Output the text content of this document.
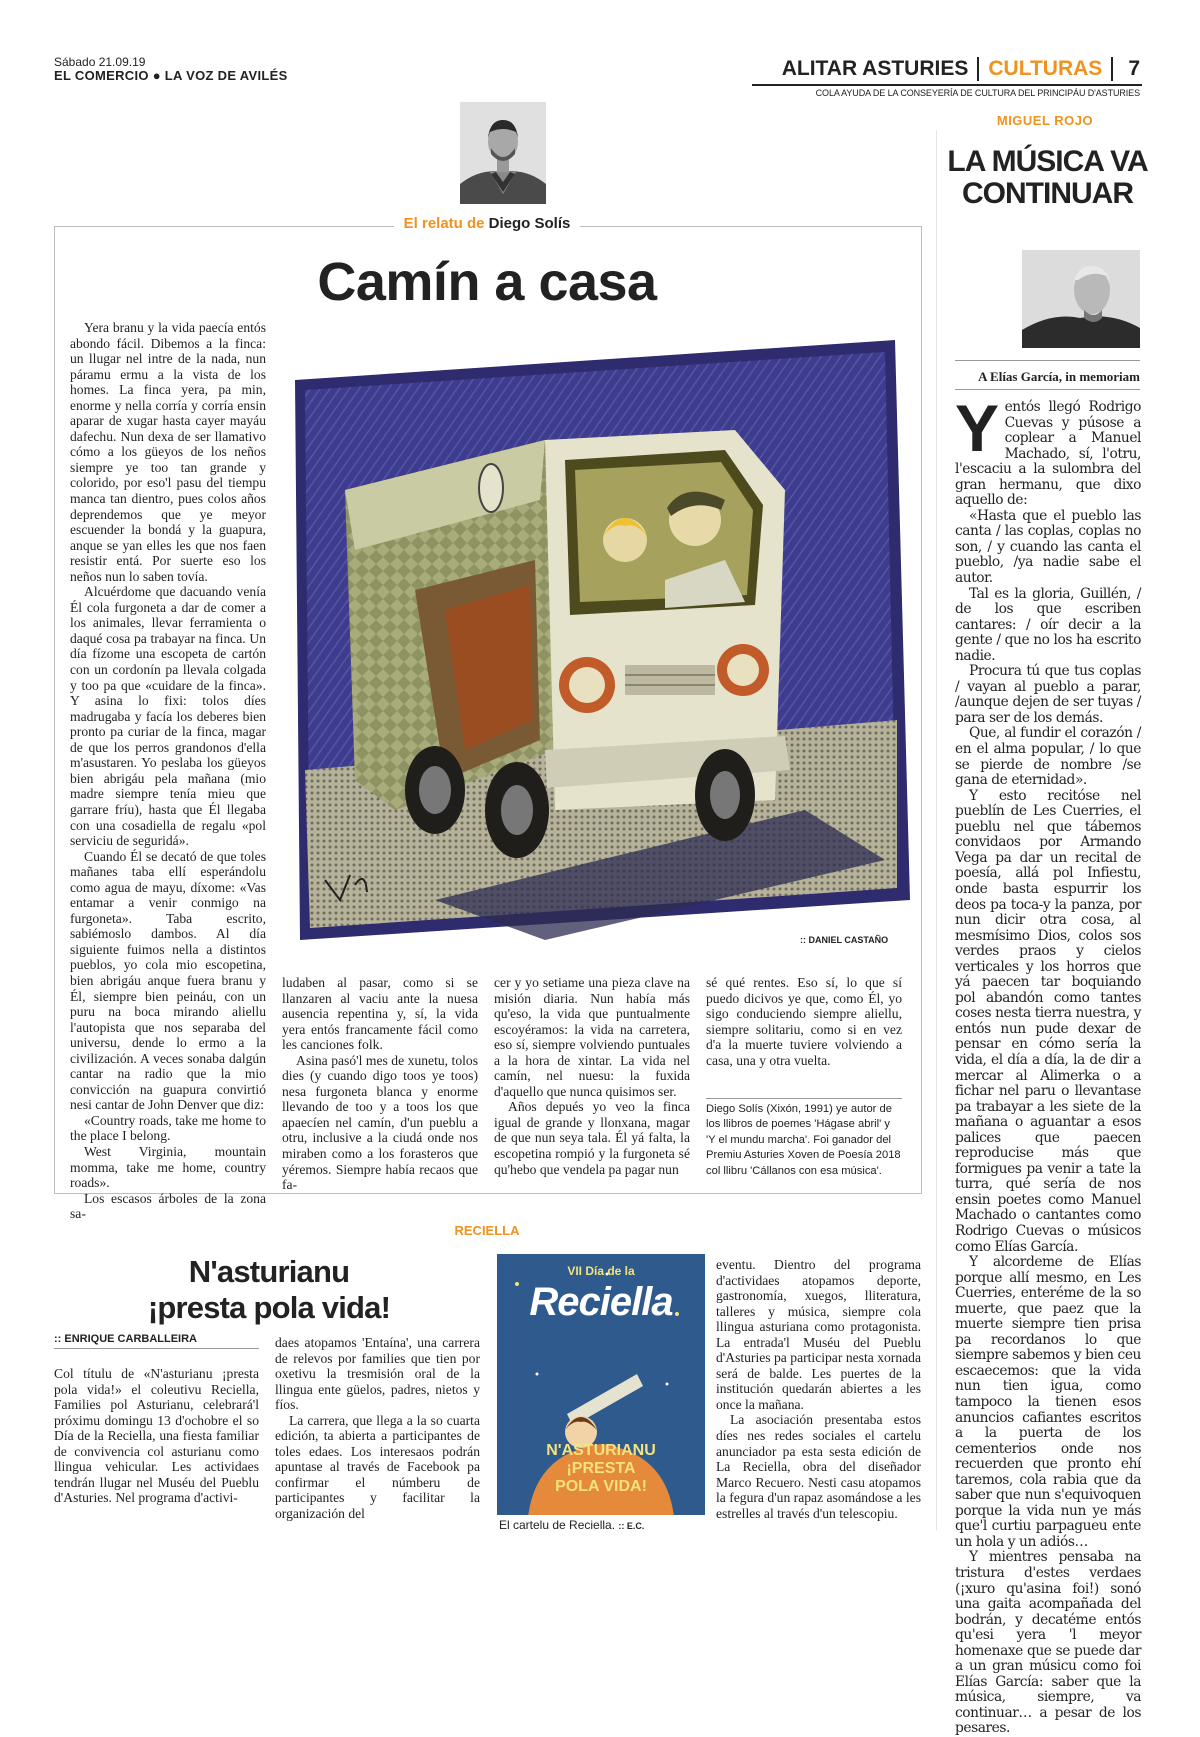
Sábado 21.09.19
EL COMERCIO ● LA VOZ DE AVILÉS	ALITAR ASTURIES CULTURAS 7
COLA AYUDA DE LA CONSEYERÍA DE CULTURA DEL PRINCIPÁU D'ASTURIES
El relatu de Diego Solís
Camín a casa

Yera branu y la vida paecía entós abondo fácil. Dibemos a la finca: un llugar nel intre de la nada, nun páramu ermu a la vista de los homes. La finca yera, pa min, enorme y nella corría y corría ensin aparar de xugar hasta cayer mayáu dafechu. Nun dexa de ser llamativo cómo a los güeyos de los neños siempre ye too tan grande y colorido, por eso'l pasu del tiempu manca tan dientro, pues colos años deprendemos que ye meyor escuender la bondá y la guapura, anque se yan elles les que nos faen resistir entá. Por suerte eso los neños nun lo saben tovía.

Alcuérdome que dacuando venía Él cola furgoneta a dar de comer a los animales, llevar ferramienta o daqué cosa pa trabayar na finca. Un día fízome una escopeta de cartón con un cordonín pa llevala colgada y too pa que «cuidare de la finca». Y asina lo fixi: tolos díes madrugaba y facía los deberes bien pronto pa curiar de la finca, magar de que los perros grandonos d'ella m'asustaren. Yo peslaba los güeyos bien abrigáu pela mañana (mio madre siempre tenía mieu que garrare fríu), hasta que Él llegaba con una cosadiella de regalu «pol serviciu de seguridá».

Cuando Él se decató de que toles mañanes taba ellí esperándolu como agua de mayu, díxome: «Vas entamar a venir conmigo na furgoneta». Taba escrito, sabiémoslo dambos. Al día siguiente fuimos nella a distintos pueblos, yo cola mio escopetina, bien abrigáu anque fuera branu y Él, siempre bien peináu, con un puru na boca mirando aliellu l'autopista que nos separaba del universu, dende lo ermo a la civilización. A veces sonaba dalgún cantar na radio que la mio convicción na guapura convirtió nesi cantar de John Denver que diz:

«Country roads, take me home to the place I belong.

West Virginia, mountain momma, take me home, country roads».

Los escasos árboles de la zona sa-

ludaben al pasar, como si se llanzaren al vaciu ante la nuesa ausencia repentina y, sí, la vida yera entós francamente fácil como les canciones folk.

Asina pasó'l mes de xunetu, tolos dies (y cuando digo toos ye toos) nesa furgoneta blanca y enorme llevando de too y a toos los que apaecíen nel camín, d'un pueblu a otru, inclusive a la ciudá onde nos miraben como a los forasteros que yéremos. Siempre había recaos que fa-

cer y yo setiame una pieza clave na misión diaria. Nun había más qu'eso, la vida que puntualmente escoyéramos: la vida na carretera, eso sí, siempre volviendo puntuales a la hora de xintar. La vida nel camín, nel nuesu: la fuxida d'aquello que nunca quisimos ser.

Años depués yo veo la finca igual de grande y llonxana, magar de que nun seya tala. Él yá falta, la escopetina rompió y la furgoneta sé qu'hebo que vendela pa pagar nun

sé qué rentes. Eso sí, lo que sí puedo dicivos ye que, como Él, yo sigo conduciendo siempre aliellu, siempre solitariu, como si en vez d'a la muerte tuviere volviendo a casa, una y otra vuelta.

Diego Solís (Xixón, 1991) ye autor de los llibros de poemes 'Hágase abril' y 'Y el mundu marcha'. Foi ganador del Premiu Asturies Xoven de Poesía 2018 col llibru 'Cállanos con esa música'.
:: DANIEL CASTAÑO
MIGUEL ROJO
LA MÚSICA VA
CONTINUAR
A Elías García, in memoriam
Y entós llegó Rodrigo Cuevas y púsose a coplear a Manuel Machado, sí, l'otru, l'escaciu a la sulombra del gran hermanu, que dixo aquello de:

«Hasta que el pueblo las canta / las coplas, coplas no son, / y cuando las canta el pueblo, /ya nadie sabe el autor.

Tal es la gloria, Guillén, / de los que escriben cantares: / oír decir a la gente / que no los ha escrito nadie.

Procura tú que tus coplas / vayan al pueblo a parar, /aunque dejen de ser tuyas / para ser de los demás.

Que, al fundir el corazón / en el alma popular, / lo que se pierde de nombre /se gana de eternidad».

Y esto recitóse nel pueblín de Les Cuerries, el pueblu nel que tábemos convidaos por Armando Vega pa dar un recital de poesía, allá pol Infiestu, onde basta espurrir los deos pa toca-y la panza, por nun dicir otra cosa, al mesmísimo Dios, colos sos verdes praos y cielos verticales y los horros que yá paecen tar boquiando pol abandón como tantes coses nesta tierra nuestra, y entós nun pude dexar de pensar en cómo sería la vida, el día a día, la de dir a mercar al Alimerka o a fichar nel paru o llevantase pa trabayar a les siete de la mañana o aguantar a esos palices que paecen reproducise más que formigues pa venir a tate la turra, qué sería de nos ensin poetes como Manuel Machado o cantantes como Rodrigo Cuevas o músicos como Elías García.

Y alcordeme de Elías porque allí mesmo, en Les Cuerries, enteréme de la so muerte, que paez que la muerte siempre tien prisa pa recordanos lo que siempre sabemos y bien ceu escaecemos: que la vida nun tien igua, como tampoco la tienen esos anuncios cafiantes escritos a la puerta de los cementerios onde nos recuerden que pronto ehí taremos, cola rabia que da saber que nun s'equivoquen porque la vida nun ye más que'l curtiu parpagueu ente un hola y un adiós…

Y mientres pensaba na tristura d'estes verdaes (¡xuro qu'asina foi!) sonó una gaita acompañada del bodrán, y decatéme entós qu'esi yera 'l meyor homenaxe que se puede dar a un gran músicu como foi Elías García: saber que la música, siempre, va continuar… a pesar de los pesares.

RECIELLA
N'asturianu
¡presta pola vida!
:: ENRIQUE CARBALLEIRA

Col títulu de «N'asturianu ¡presta pola vida!» el coleutivu Reciella, Families pol Asturianu, celebrará'l próximu domingu 13 d'ochobre el so Día de la Reciella, una fiesta familiar de convivencia col asturianu como llingua vehicular. Les actividaes tendrán llugar nel Muséu del Pueblu d'Asturies. Nel programa d'activi-

daes atopamos 'Entaína', una carrera de relevos por families que tien por oxetivu la tresmisión oral de la llingua ente güelos, padres, nietos y fíos.

La carrera, que llega a la so cuarta edición, ta abierta a participantes de toles edaes. Los interesaos podrán apuntase al través de Facebook pa confirmar el númberu de participantes y facilitar la organización del

VII Día de la
Reciella
N'ASTURIANU
¡PRESTA
POLA VIDA!
El cartelu de Reciella. :: E.C.

eventu. Dientro del programa d'actividaes atopamos deporte, gastronomía, xuegos, lliteratura, talleres y música, siempre cola llingua asturiana como protagonista. La entrada'l Muséu del Pueblu d'Asturies pa participar nesta xornada será de balde. Les puertes de la institución quedarán abiertes a les once la mañana.

La asociación presentaba estos díes nes redes sociales el cartelu anunciador pa esta sesta edición de La Reciella, obra del diseñador Marco Recuero. Nesti casu atopamos la fegura d'un rapaz asomándose a les estrelles al través d'un telescopiu.
